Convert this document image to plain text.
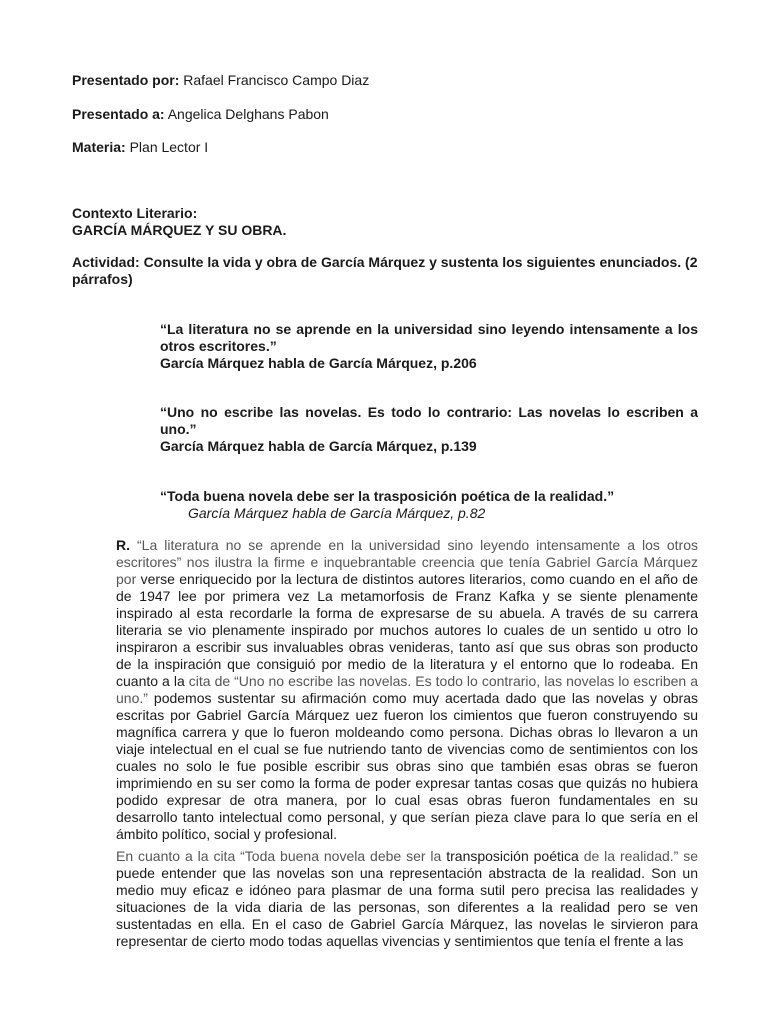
Presentado por: Rafael Francisco Campo Diaz
Presentado a: Angelica Delghans Pabon
Materia: Plan Lector I
Contexto Literario:
GARCÍA MÁRQUEZ Y SU OBRA.
Actividad: Consulte la vida y obra de García Márquez y sustenta los siguientes enunciados. (2 párrafos)
“La literatura no se aprende en la universidad sino leyendo intensamente a los otros escritores.”
García Márquez habla de García Márquez, p.206
“Uno no escribe las novelas. Es todo lo contrario: Las novelas lo escriben a uno.”
García Márquez habla de García Márquez, p.139
“Toda buena novela debe ser la trasposición poética de la realidad.”
García Márquez habla de García Márquez, p.82
R. “La literatura no se aprende en la universidad sino leyendo intensamente a los otros escritores” nos ilustra la firme e inquebrantable creencia que tenía Gabriel García Márquez por verse enriquecido por la lectura de distintos autores literarios, como cuando en el año de de 1947 lee por primera vez La metamorfosis de Franz Kafka y se siente plenamente inspirado al esta recordarle la forma de expresarse de su abuela. A través de su carrera literaria se vio plenamente inspirado por muchos autores lo cuales de un sentido u otro lo inspiraron a escribir sus invaluables obras venideras, tanto así que sus obras son producto de la inspiración que consiguió por medio de la literatura y el entorno que lo rodeaba. En cuanto a la cita de “Uno no escribe las novelas. Es todo lo contrario, las novelas lo escriben a uno.” podemos sustentar su afirmación como muy acertada dado que las novelas y obras escritas por Gabriel García Márquez uez fueron los cimientos que fueron construyendo su magnífica carrera y que lo fueron moldeando como persona. Dichas obras lo llevaron a un viaje intelectual en el cual se fue nutriendo tanto de vivencias como de sentimientos con los cuales no solo le fue posible escribir sus obras sino que también esas obras se fueron imprimiendo en su ser como la forma de poder expresar tantas cosas que quizás no hubiera podido expresar de otra manera, por lo cual esas obras fueron fundamentales en su desarrollo tanto intelectual como personal, y que serían pieza clave para lo que sería en el ámbito político, social y profesional.
En cuanto a la cita “Toda buena novela debe ser la transposición poética de la realidad.” se puede entender que las novelas son una representación abstracta de la realidad. Son un medio muy eficaz e idóneo para plasmar de una forma sutil pero precisa las realidades y situaciones de la vida diaria de las personas, son diferentes a la realidad pero se ven sustentadas en ella. En el caso de Gabriel García Márquez, las novelas le sirvieron para representar de cierto modo todas aquellas vivencias y sentimientos que tenía el frente a las
